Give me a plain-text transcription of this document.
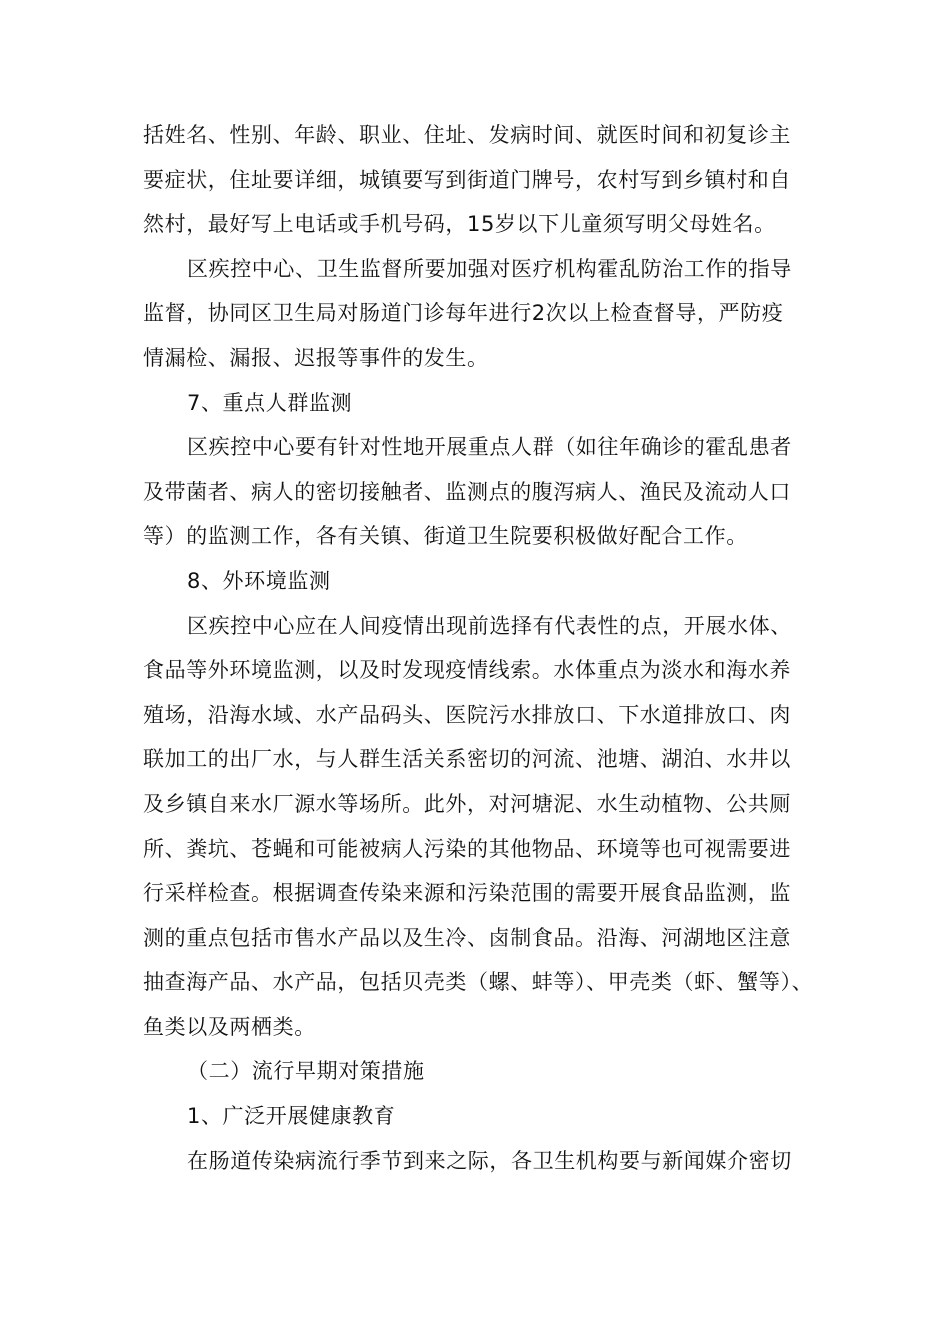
括姓名、性别、年龄、职业、住址、发病时间、就医时间和初复诊主
要症状，住址要详细，城镇要写到街道门牌号，农村写到乡镇村和自
然村，最好写上电话或手机号码，15岁以下儿童须写明父母姓名。
区疾控中心、卫生监督所要加强对医疗机构霍乱防治工作的指导
监督，协同区卫生局对肠道门诊每年进行2次以上检查督导，严防疫
情漏检、漏报、迟报等事件的发生。
7、重点人群监测
区疾控中心要有针对性地开展重点人群（如往年确诊的霍乱患者
及带菌者、病人的密切接触者、监测点的腹泻病人、渔民及流动人口
等）的监测工作，各有关镇、街道卫生院要积极做好配合工作。
8、外环境监测
区疾控中心应在人间疫情出现前选择有代表性的点，开展水体、
食品等外环境监测，以及时发现疫情线索。水体重点为淡水和海水养
殖场，沿海水域、水产品码头、医院污水排放口、下水道排放口、肉
联加工的出厂水，与人群生活关系密切的河流、池塘、湖泊、水井以
及乡镇自来水厂源水等场所。此外，对河塘泥、水生动植物、公共厕
所、粪坑、苍蝇和可能被病人污染的其他物品、环境等也可视需要进
行采样检查。根据调查传染来源和污染范围的需要开展食品监测，监
测的重点包括市售水产品以及生冷、卤制食品。沿海、河湖地区注意
抽查海产品、水产品，包括贝壳类（螺、蚌等）、甲壳类（虾、蟹等）、
鱼类以及两栖类。
（二）流行早期对策措施
1、广泛开展健康教育
在肠道传染病流行季节到来之际，各卫生机构要与新闻媒介密切
